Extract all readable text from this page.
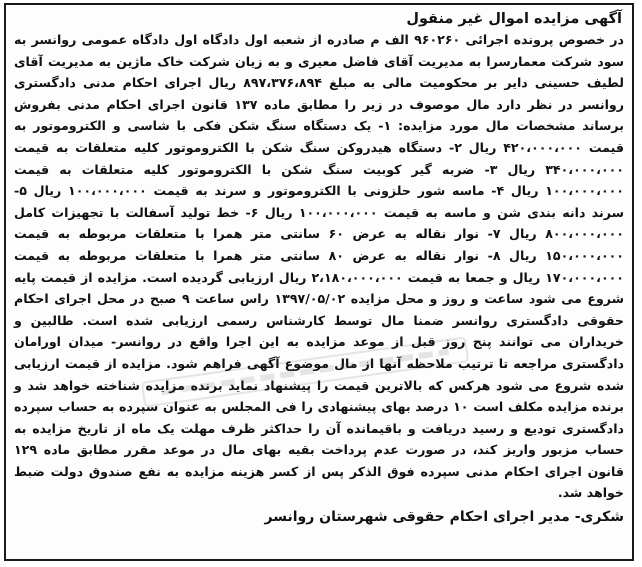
آگهی مزایده اموال غیر منقول

در خصوص پرونده اجرائی ۹۶۰۲۶۰ الف م صادره از شعبه اول دادگاه اول دادگاه عمومی روانسر به سود شرکت معمارسرا به مدیریت آقای فاضل معیری و به زیان شرکت خاک ماژین به مدیریت آقای لطیف حسینی دایر بر محکومیت مالی به مبلغ ۸۹۷،۳۷۶،۸۹۴ ریال اجرای احکام مدنی دادگستری روانسر در نظر دارد مال موصوف در زیر را مطابق ماده ۱۳۷ قانون اجرای احکام مدنی بفروش برساند مشخصات مال مورد مزایده: ۱- یک دستگاه سنگ شکن فکی با شاسی و الکتروموتور به قیمت ۴۲۰،۰۰۰،۰۰۰ ریال ۲- دستگاه هیدروکن سنگ شکن با الکتروموتور کلیه متعلقات به قیمت ۳۴۰،۰۰۰،۰۰۰ ریال ۳- ضربه گیر کوبیت سنگ شکن با الکتروموتور کلیه متعلقات به قیمت ۱۰۰،۰۰۰،۰۰۰ ریال ۴- ماسه شور حلزونی با الکتروموتور و سرند به قیمت ۱۰۰،۰۰۰،۰۰۰ ریال ۵- سرند دانه بندی شن و ماسه به قیمت ۱۰۰،۰۰۰،۰۰۰ ریال ۶- خط تولید آسفالت با تجهیزات کامل ۸۰۰،۰۰۰،۰۰۰ ریال ۷- نوار نقاله به عرض ۶۰ سانتی متر همرا با متعلقات مربوطه به قیمت ۱۵۰،۰۰۰،۰۰۰ ریال ۸- نوار نقاله به عرض ۸۰ سانتی متر همرا با متعلقات مربوطه به قیمت ۱۷۰،۰۰۰،۰۰۰ ریال و جمعا به قیمت ۲،۱۸۰،۰۰۰،۰۰۰ ریال ارزیابی گردیده است. مزایده از قیمت پایه شروع می شود ساعت و روز و محل مزایده ۱۳۹۷/۰۵/۰۲ راس ساعت ۹ صبح در محل اجرای احکام حقوقی دادگستری روانسر ضمنا مال توسط کارشناس رسمی ارزیابی شده است. طالبین و خریداران می توانند پنج روز قبل از موعد مزایده به این اجرا واقع در روانسر- میدان اورامان دادگستری مراجعه تا ترتیب ملاحظه آنها از مال موضوع آگهی فراهم شود. مزایده از قیمت ارزیابی شده شروع می شود هرکس که بالاترین قیمت را پیشنهاد نماید برنده مزایده شناخته خواهد شد و برنده مزایده مکلف است ۱۰ درصد بهای پیشنهادی را فی المجلس به عنوان سپرده به حساب سپرده دادگستری تودیع و رسید دریافت و باقیمانده آن را حداکثر ظرف مهلت یک ماه از تاریخ مزایده به حساب مزبور واریز کند، در صورت عدم پرداخت بقیه بهای مال در موعد مقرر مطابق ماده ۱۲۹ قانون اجرای احکام مدنی سپرده فوق الذکر پس از کسر هزینه مزایده به نفع صندوق دولت ضبط خواهد شد.

شکری- مدیر اجرای احکام حقوقی شهرستان روانسر
